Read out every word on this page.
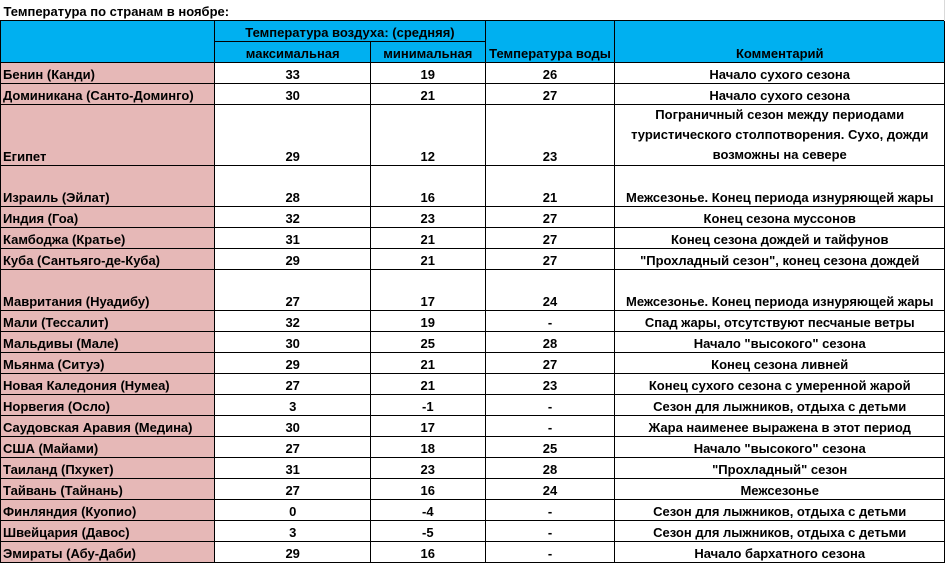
Температура по странам в ноябре:					
	Температура воздуха: (средняя)		Температура воды	Комментарий	
	максимальная	минимальная			
Бенин (Канди)	33	19	26	Начало сухого сезона	
Доминикана (Санто-Доминго)	30	21	27	Начало сухого сезона	
Египет	29	12	23	Пограничный сезон между периодами туристического столпотворения. Сухо, дожди возможны на севере	
Израиль (Эйлат)	28	16	21	Межсезонье. Конец периода изнуряющей жары	
Индия (Гоа)	32	23	27	Конец сезона муссонов	
Камбоджа (Кратье)	31	21	27	Конец сезона дождей и тайфунов	
Куба (Сантьяго-де-Куба)	29	21	27	"Прохладный сезон", конец сезона дождей	
Мавритания (Нуадибу)	27	17	24	Межсезонье. Конец периода изнуряющей жары	
Мали (Тессалит)	32	19	-	Спад жары, отсутствуют песчаные ветры	
Мальдивы (Мале)	30	25	28	Начало "высокого" сезона	
Мьянма (Ситуэ)	29	21	27	Конец сезона ливней	
Новая Каледония (Нумеа)	27	21	23	Конец сухого сезона с умеренной жарой	
Норвегия (Осло)	3	-1	-	Сезон для лыжников, отдыха с детьми	
Саудовская Аравия (Медина)	30	17	-	Жара наименее выражена в этот период	
США (Майами)	27	18	25	Начало "высокого" сезона	
Таиланд (Пхукет)	31	23	28	"Прохладный" сезон	
Тайвань (Тайнань)	27	16	24	Межсезонье	
Финляндия (Куопио)	0	-4	-	Сезон для лыжников, отдыха с детьми	
Швейцария (Давос)	3	-5	-	Сезон для лыжников, отдыха с детьми	
Эмираты (Абу-Даби)	29	16	-	Начало бархатного сезона	
